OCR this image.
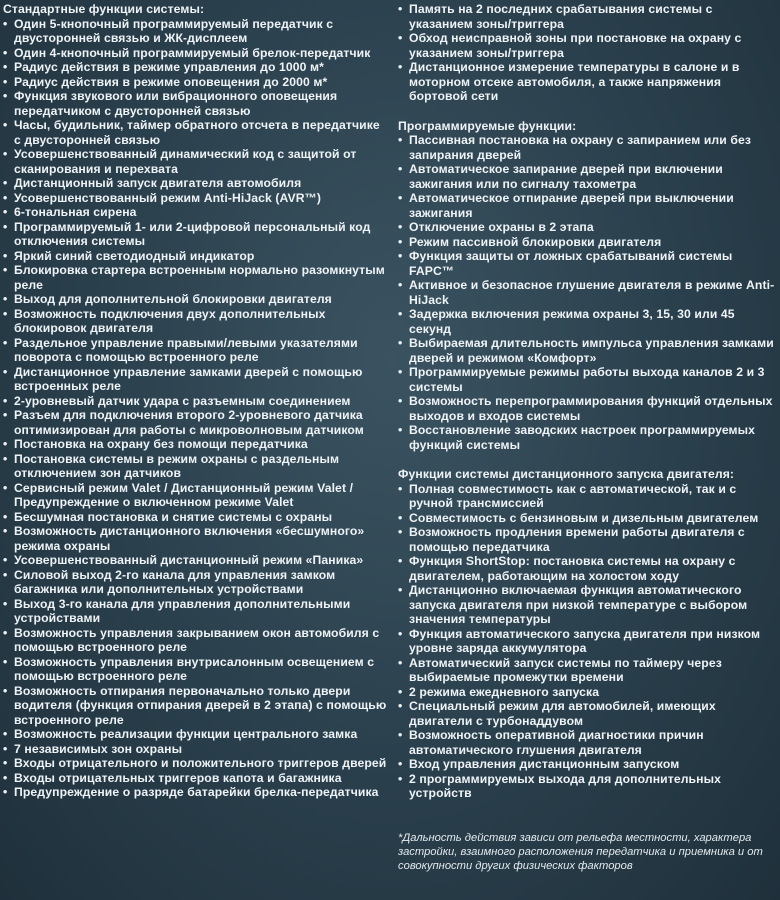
Стандартные функции системы:
• Один 5-кнопочный программируемый передатчик с двусторонней связью и ЖК-дисплеем
• Один 4-кнопочный программируемый брелок-передатчик
• Радиус действия в режиме управления до 1000 м*
• Радиус действия в режиме оповещения до 2000 м*
• Функция звукового или вибрационного оповещения передатчиком с двусторонней связью
• Часы, будильник, таймер обратного отсчета в передатчике с двусторонней связью
• Усовершенствованный динамический код с защитой от сканирования и перехвата
• Дистанционный запуск двигателя автомобиля
• Усовершенствованный режим Anti-HiJack (AVR™)
• 6-тональная сирена
• Программируемый 1- или 2-цифровой персональный код отключения системы
• Яркий синий светодиодный индикатор
• Блокировка стартера встроенным нормально разомкнутым реле
• Выход для дополнительной блокировки двигателя
• Возможность подключения двух дополнительных блокировок двигателя
• Раздельное управление правыми/левыми указателями поворота с помощью встроенного реле
• Дистанционное управление замками дверей с помощью встроенных реле
• 2-уровневый датчик удара с разъемным соединением
• Разъем для подключения второго 2-уровневого датчика оптимизирован для работы с микроволновым датчиком
• Постановка на охрану без помощи передатчика
• Постановка системы в режим охраны с раздельным отключением зон датчиков
• Сервисный режим Valet / Дистанционный режим Valet / Предупреждение о включенном режиме Valet
• Бесшумная постановка и снятие системы с охраны
• Возможность дистанционного включения «бесшумного» режима охраны
• Усовершенствованный дистанционный режим «Паника»
• Силовой выход 2-го канала для управления замком багажника или дополнительных устройствами
• Выход 3-го канала для управления дополнительными устройствами
• Возможность управления закрыванием окон автомобиля с помощью встроенного реле
• Возможность управления внутрисалонным освещением с помощью встроенного реле
• Возможность отпирания первоначально только двери водителя (функция отпирания дверей в 2 этапа) с помощью встроенного реле
• Возможность реализации функции центрального замка
• 7 независимых зон охраны
• Входы отрицательного и положительного триггеров дверей
• Входы отрицательных триггеров капота и багажника
• Предупреждение о разряде батарейки брелка-передатчика
• Память на 2 последних срабатывания системы с указанием зоны/триггера
• Обход неисправной зоны при постановке на охрану с указанием зоны/триггера
• Дистанционное измерение температуры в салоне и в моторном отсеке автомобиля, а также напряжения бортовой сети
Программируемые функции:
• Пассивная постановка на охрану с запиранием или без запирания дверей
• Автоматическое запирание дверей при включении зажигания или по сигналу тахометра
• Автоматическое отпирание дверей при выключении зажигания
• Отключение охраны в 2 этапа
• Режим пассивной блокировки двигателя
• Функция защиты от ложных срабатываний системы FAPC™
• Активное и безопасное глушение двигателя в режиме Anti-HiJack
• Задержка включения режима охраны 3, 15, 30 или 45 секунд
• Выбираемая длительность импульса управления замками дверей и режимом «Комфорт»
• Программируемые режимы работы выхода каналов 2 и 3 системы
• Возможность перепрограммирования функций отдельных выходов и входов системы
• Восстановление заводских настроек программируемых функций системы
Функции системы дистанционного запуска двигателя:
• Полная совместимость как с автоматической, так и с ручной трансмиссией
• Совместимость с бензиновым и дизельным двигателем
• Возможность продления времени работы двигателя с помощью передатчика
• Функция ShortStop: постановка системы на охрану с двигателем, работающим на холостом ходу
• Дистанционно включаемая функция автоматического запуска двигателя при низкой температуре с выбором значения температуры
• Функция автоматического запуска двигателя при низком уровне заряда аккумулятора
• Автоматический запуск системы по таймеру через выбираемые промежутки времени
• 2 режима ежедневного запуска
• Специальный режим для автомобилей, имеющих двигатели с турбонаддувом
• Возможность оперативной диагностики причин автоматического глушения двигателя
• Вход управления дистанционным запуском
• 2 программируемых выхода для дополнительных устройств
*Дальность действия зависи от рельефа местности, характера застройки, взаимного расположения передатчика и приемника и от совокупности других физических факторов
